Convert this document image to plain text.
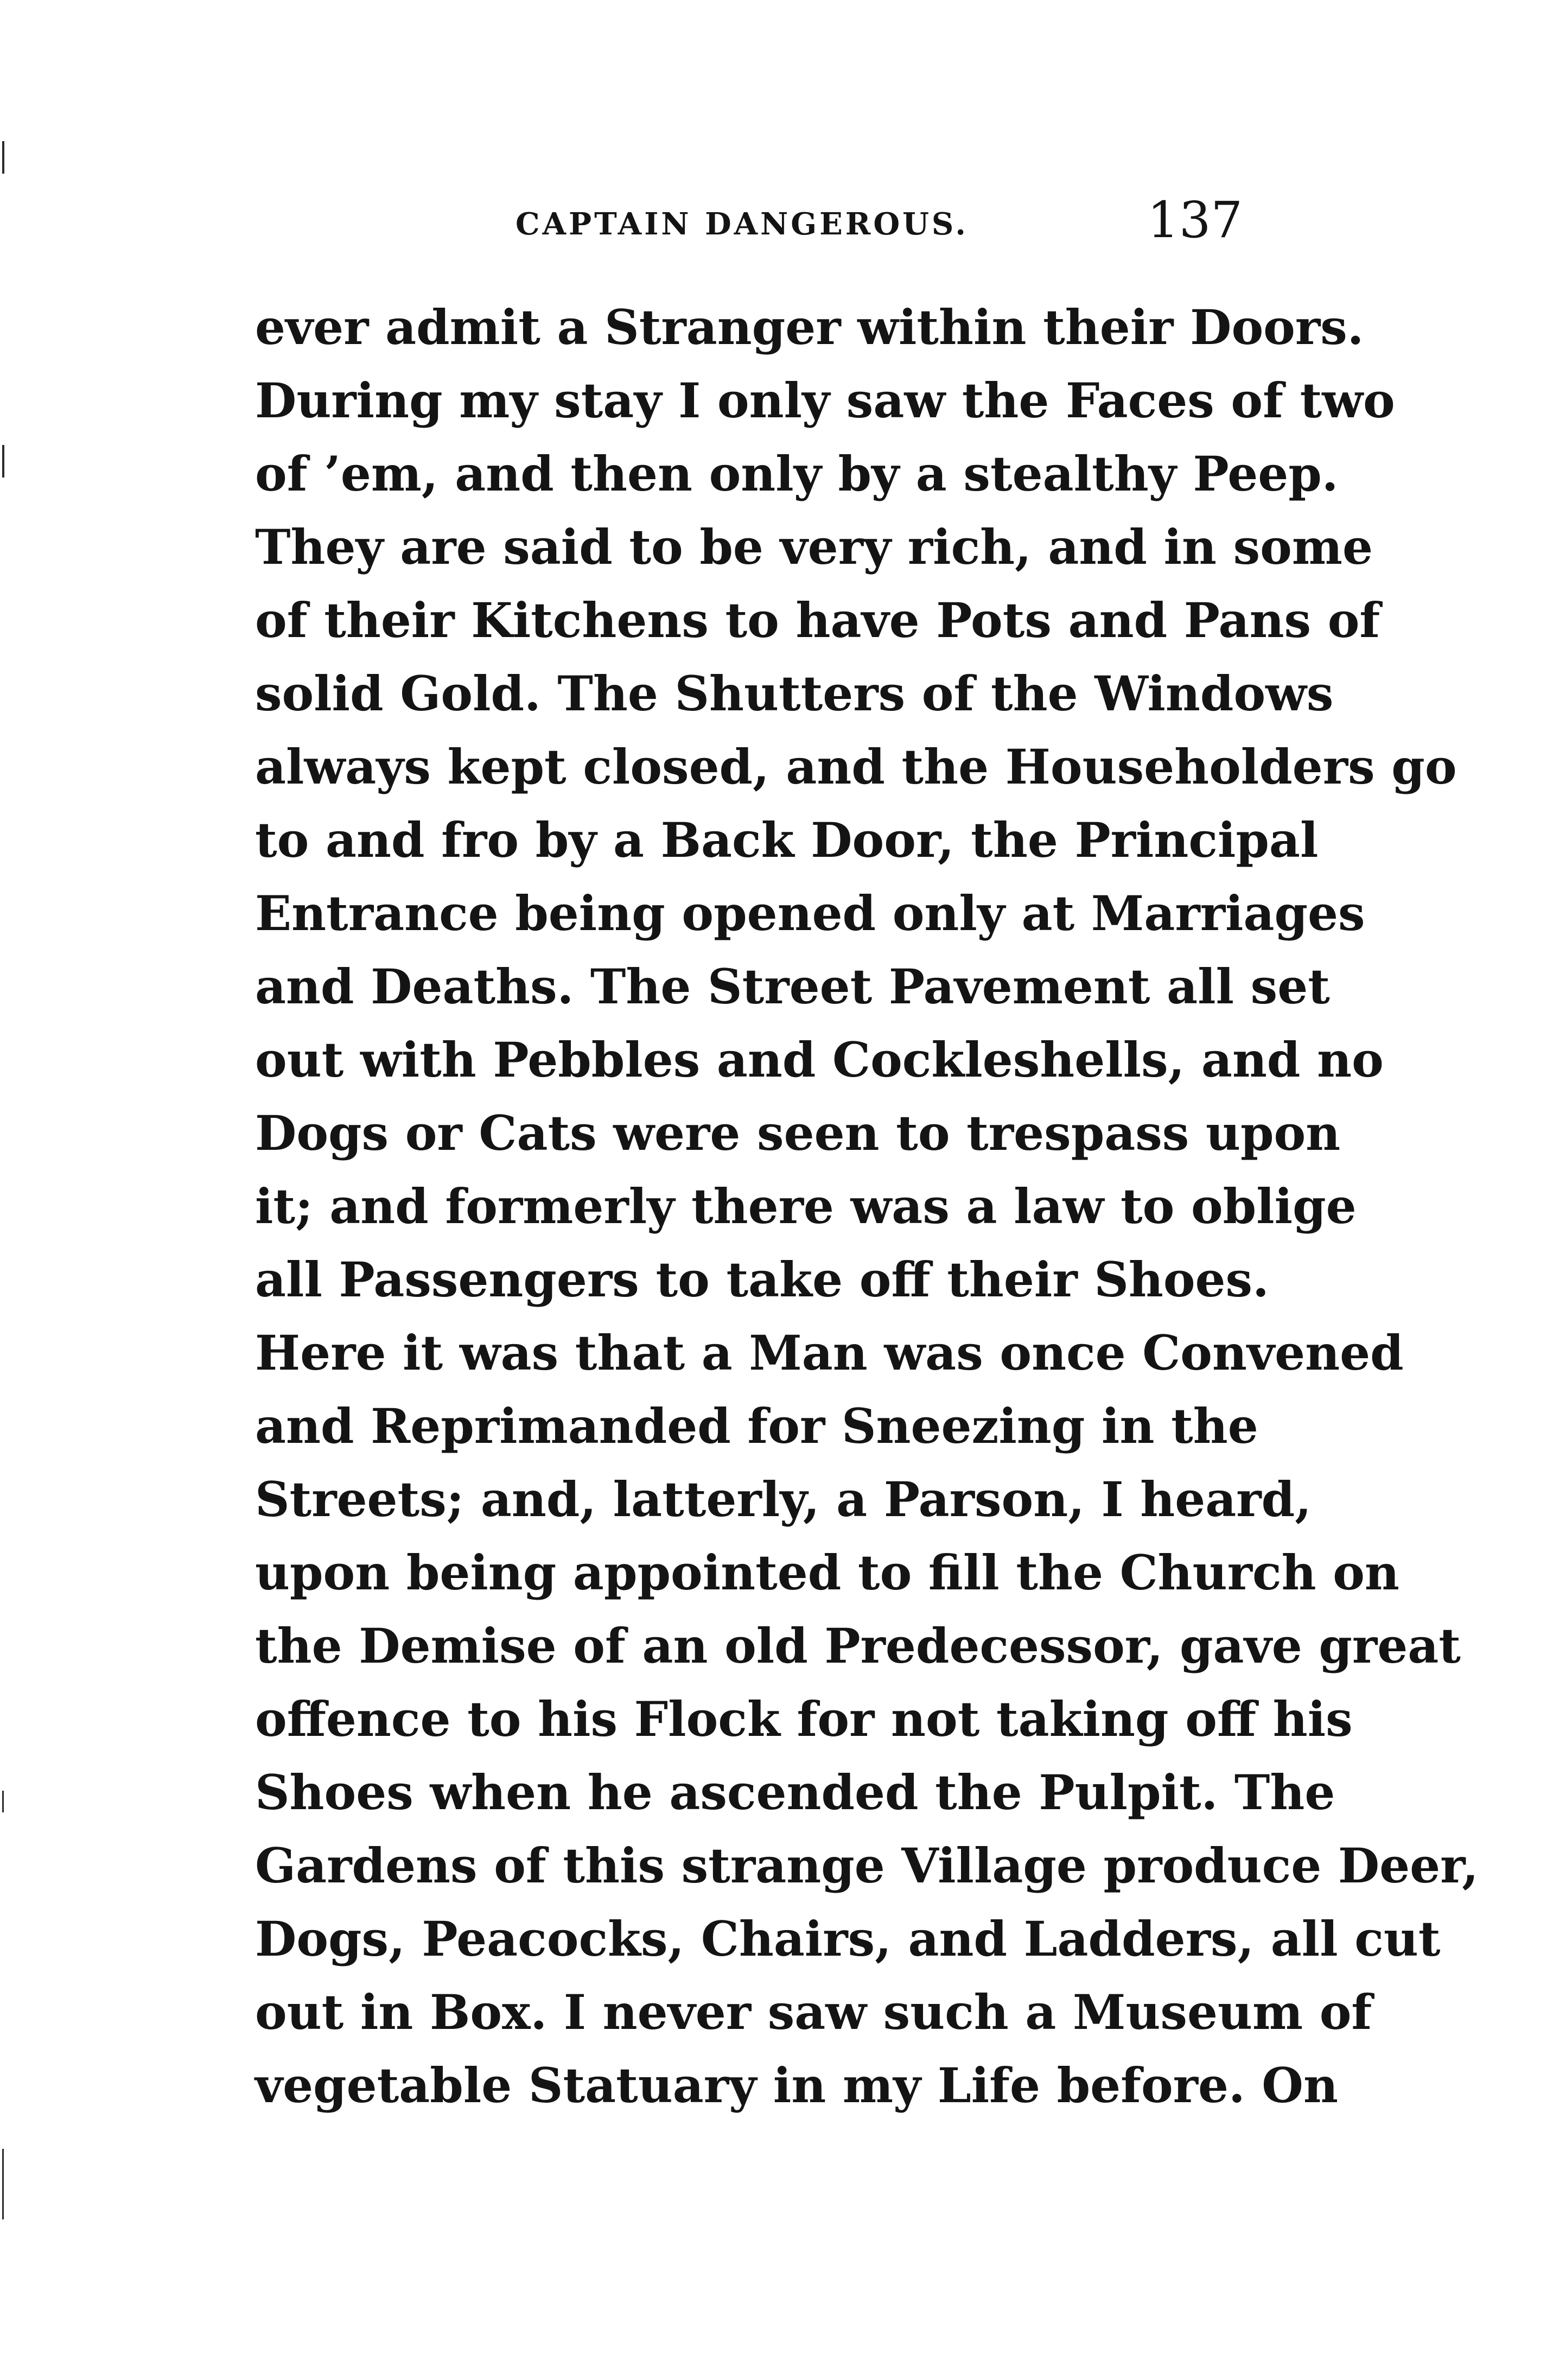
CAPTAIN DANGEROUS.	137
ever admit a Stranger within their Doors.
During my stay I only saw the Faces of two
of ’em, and then only by a stealthy Peep.
They are said to be very rich, and in some
of their Kitchens to have Pots and Pans of
solid Gold. The Shutters of the Windows
always kept closed, and the Householders go
to and fro by a Back Door, the Principal
Entrance being opened only at Marriages
and Deaths. The Street Pavement all set
out with Pebbles and Cockleshells, and no
Dogs or Cats were seen to trespass upon
it; and formerly there was a law to oblige
all Passengers to take off their Shoes.
Here it was that a Man was once Convened
and Reprimanded for Sneezing in the
Streets; and, latterly, a Parson, I heard,
upon being appointed to fill the Church on
the Demise of an old Predecessor, gave great
offence to his Flock for not taking off his
Shoes when he ascended the Pulpit. The
Gardens of this strange Village produce Deer,
Dogs, Peacocks, Chairs, and Ladders, all cut
out in Box. I never saw such a Museum of
vegetable Statuary in my Life before. On
